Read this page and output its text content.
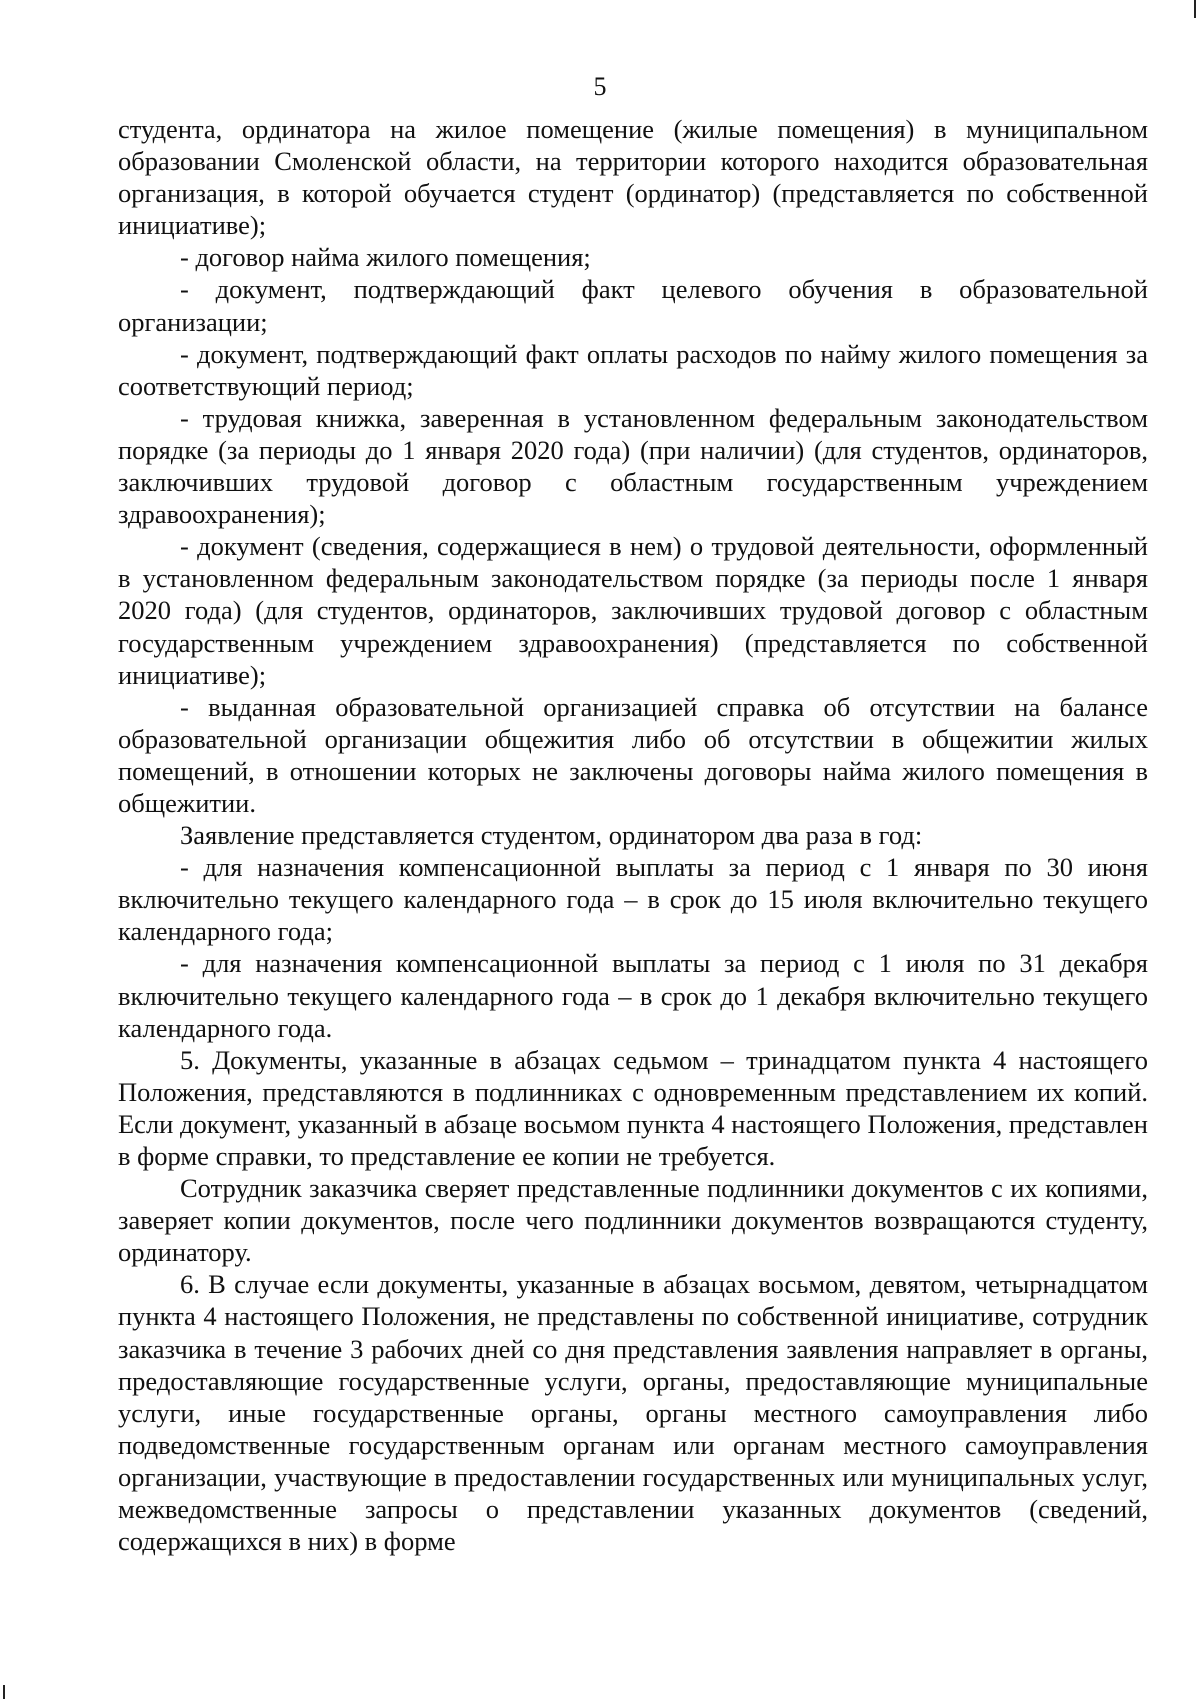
5

студента, ординатора на жилое помещение (жилые помещения) в муниципальном образовании Смоленской области, на территории которого находится образовательная организация, в которой обучается студент (ординатор) (представляется по собственной инициативе);

- договор найма жилого помещения;

- документ, подтверждающий факт целевого обучения в образовательной организации;

- документ, подтверждающий факт оплаты расходов по найму жилого помещения за соответствующий период;

- трудовая книжка, заверенная в установленном федеральным законодательством порядке (за периоды до 1 января 2020 года) (при наличии) (для студентов, ординаторов, заключивших трудовой договор с областным государственным учреждением здравоохранения);

- документ (сведения, содержащиеся в нем) о трудовой деятельности, оформленный в установленном федеральным законодательством порядке (за периоды после 1 января 2020 года) (для студентов, ординаторов, заключивших трудовой договор с областным государственным учреждением здравоохранения) (представляется по собственной инициативе);

- выданная образовательной организацией справка об отсутствии на балансе образовательной организации общежития либо об отсутствии в общежитии жилых помещений, в отношении которых не заключены договоры найма жилого помещения в общежитии.

Заявление представляется студентом, ординатором два раза в год:

- для назначения компенсационной выплаты за период с 1 января по 30 июня включительно текущего календарного года – в срок до 15 июля включительно текущего календарного года;

- для назначения компенсационной выплаты за период с 1 июля по 31 декабря включительно текущего календарного года – в срок до 1 декабря включительно текущего календарного года.

5. Документы, указанные в абзацах седьмом – тринадцатом пункта 4 настоящего Положения, представляются в подлинниках с одновременным представлением их копий. Если документ, указанный в абзаце восьмом пункта 4 настоящего Положения, представлен в форме справки, то представление ее копии не требуется.

Сотрудник заказчика сверяет представленные подлинники документов с их копиями, заверяет копии документов, после чего подлинники документов возвращаются студенту, ординатору.

6. В случае если документы, указанные в абзацах восьмом, девятом, четырнадцатом пункта 4 настоящего Положения, не представлены по собственной инициативе, сотрудник заказчика в течение 3 рабочих дней со дня представления заявления направляет в органы, предоставляющие государственные услуги, органы, предоставляющие муниципальные услуги, иные государственные органы, органы местного самоуправления либо подведомственные государственным органам или органам местного самоуправления организации, участвующие в предоставлении государственных или муниципальных услуг, межведомственные запросы о представлении указанных документов (сведений, содержащихся в них) в форме
